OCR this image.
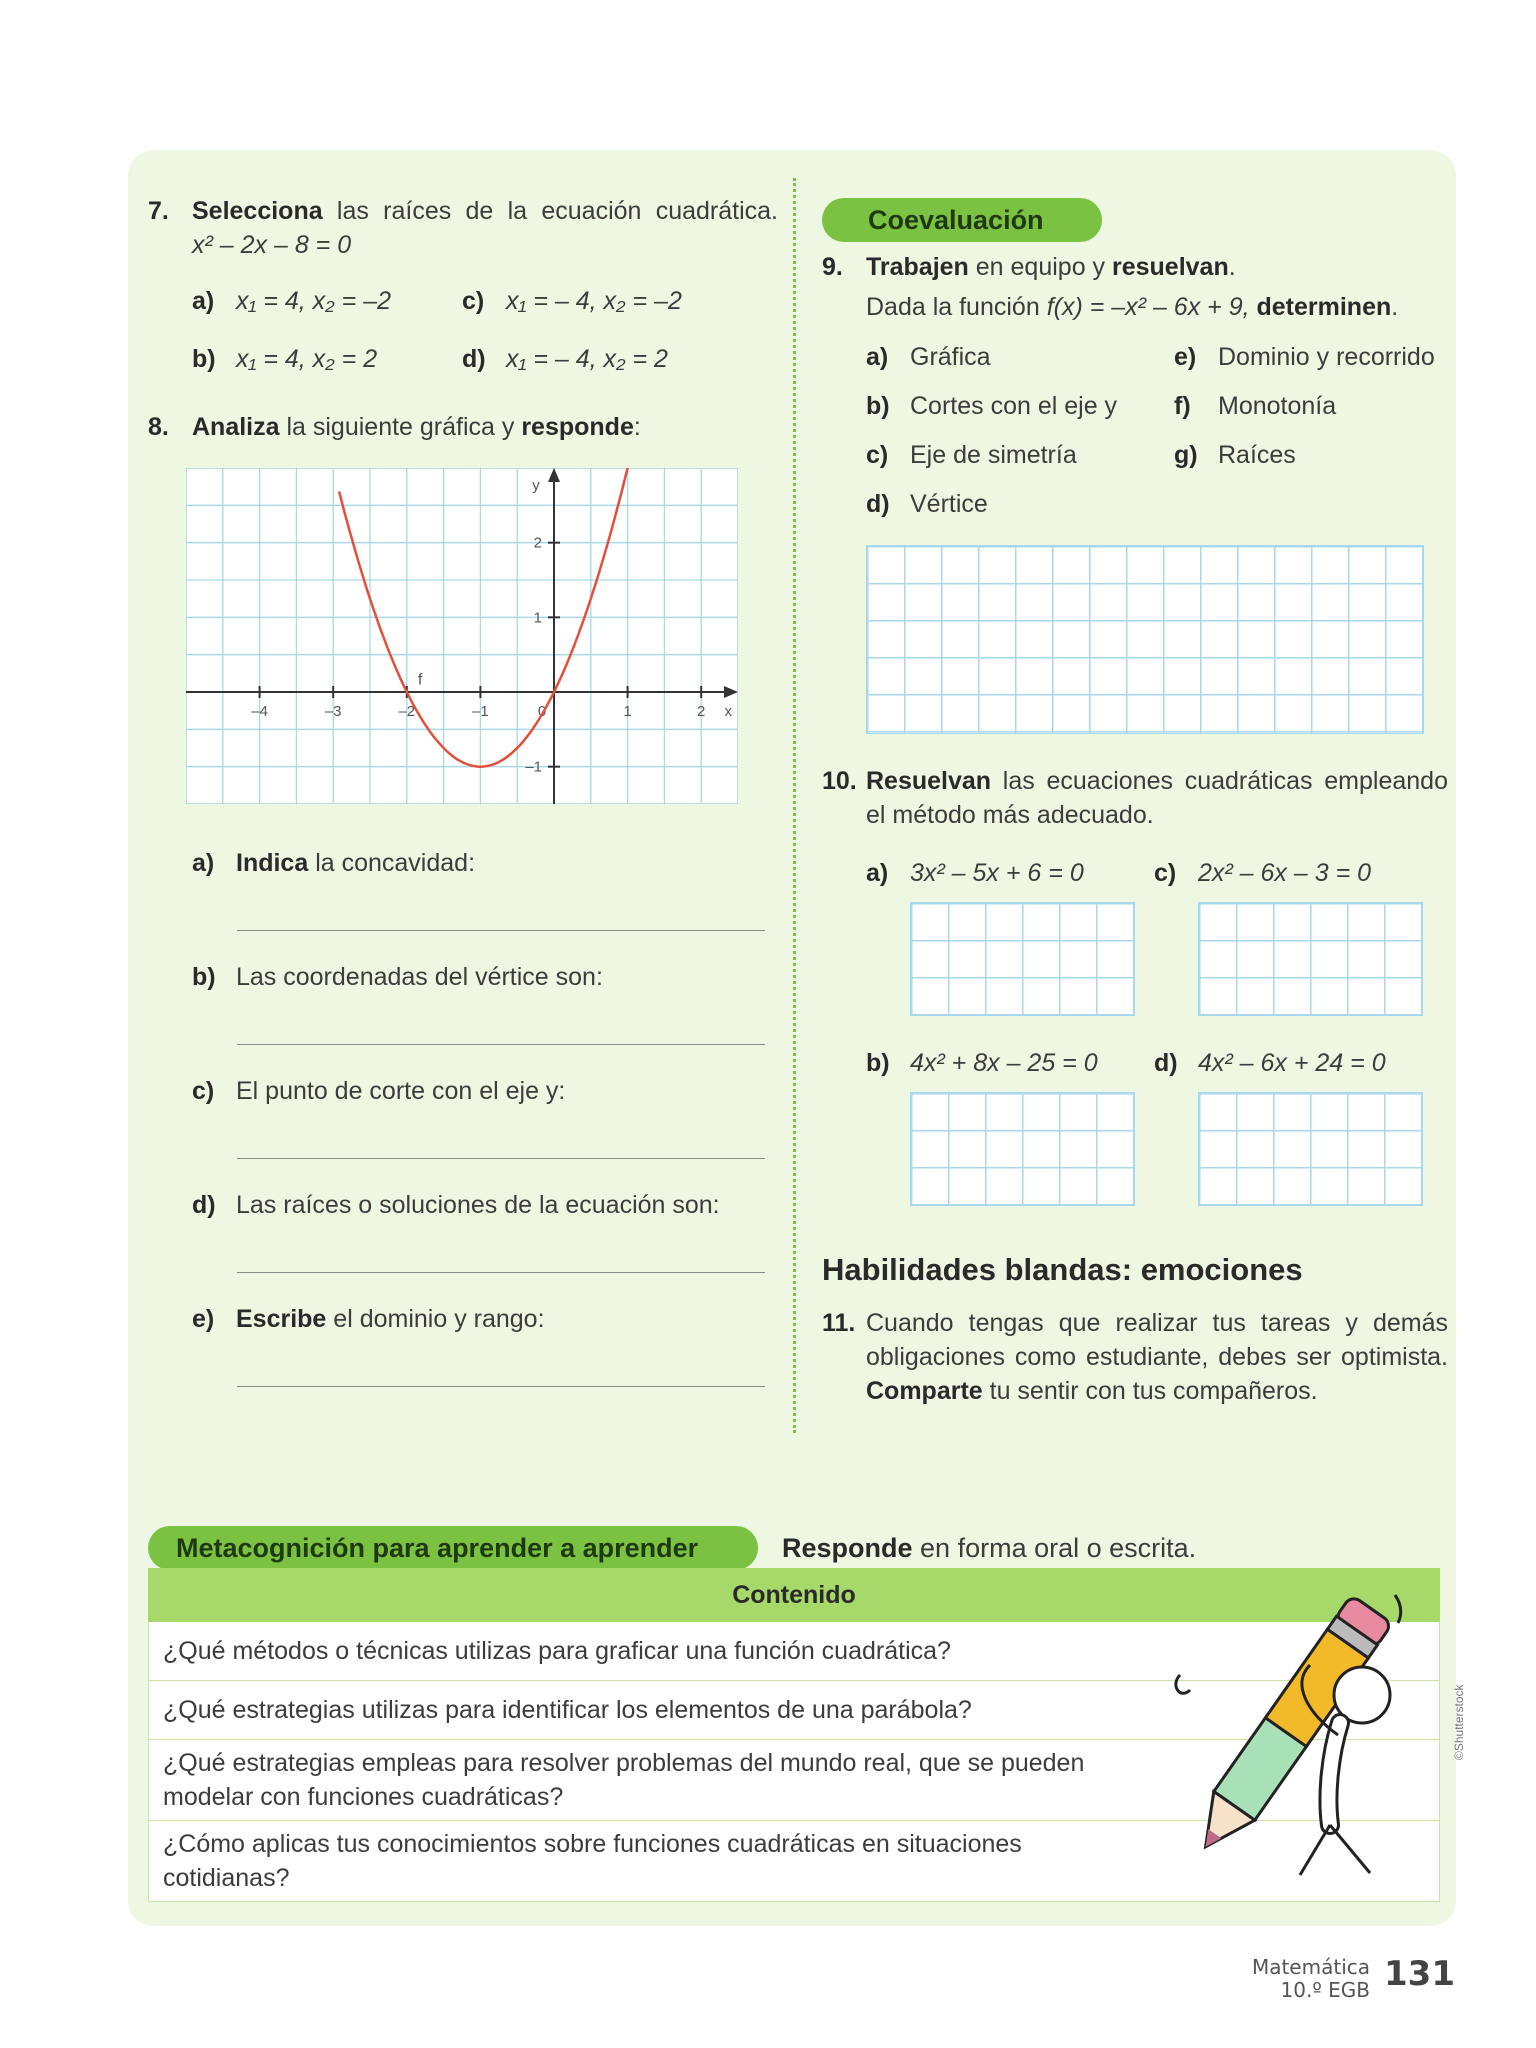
7. Selecciona las raíces de la ecuación cuadrática.
x² – 2x – 8 = 0
a) x₁ = 4, x₂ = –2	c) x₁ = – 4, x₂ = –2
b) x₁ = 4, x₂ = 2	d) x₁ = – 4, x₂ = 2
8. Analiza la siguiente gráfica y responde:
–4	–3	–2	–1	0	1	2
–1
1
2
x
y
f
a) Indica la concavidad:
b) Las coordenadas del vértice son:
c) El punto de corte con el eje y:
d) Las raíces o soluciones de la ecuación son:
e) Escribe el dominio y rango:
Coevaluación
9. Trabajen en equipo y resuelvan.
Dada la función f(x) = –x² – 6x + 9, determinen.
a) Gráfica	e) Dominio y recorrido
b) Cortes con el eje y f) Monotonía
c) Eje de simetría	g) Raíces
d) Vértice
10. Resuelvan las ecuaciones cuadráticas empleando el método más adecuado.
a) 3x² – 5x + 6 = 0	c) 2x² – 6x – 3 = 0
b) 4x² + 8x – 25 = 0 d) 4x² – 6x + 24 = 0
Habilidades blandas: emociones
11. Cuando tengas que realizar tus tareas y demás obligaciones como estudiante, debes ser optimista. Comparte tu sentir con tus compañeros.
Metacognición para aprender a aprender	Responde en forma oral o escrita.
Contenido
¿Qué métodos o técnicas utilizas para graficar una función cuadrática?
¿Qué estrategias utilizas para identificar los elementos de una parábola?
¿Qué estrategias empleas para resolver problemas del mundo real, que se pueden modelar con funciones cuadráticas?
¿Cómo aplicas tus conocimientos sobre funciones cuadráticas en situaciones cotidianas?
©Shutterstock
Matemática
10.º EGB 131
